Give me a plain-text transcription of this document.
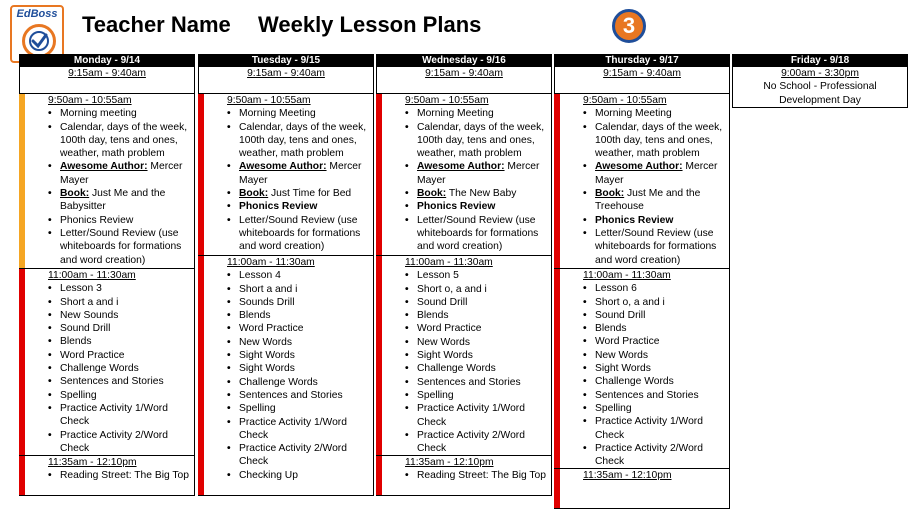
EdBoss Teacher Name Weekly Lesson Plans	3
Monday - 9/14
9:15am - 9:40am
9:50am - 10:55am
• Morning meeting
• Calendar, days of the week, 100th day, tens and ones, weather, math problem
• Awesome Author: Mercer Mayer
• Book: Just Me and the Babysitter
• Phonics Review
• Letter/Sound Review (use whiteboards for formations and word creation)
11:00am - 11:30am
• Lesson 3
• Short a and i
• New Sounds
• Sound Drill
• Blends
• Word Practice
• Challenge Words
• Sentences and Stories
• Spelling
• Practice Activity 1/Word Check
• Practice Activity 2/Word Check
11:35am - 12:10pm
• Reading Street: The Big Top
Tuesday - 9/15
9:15am - 9:40am
9:50am - 10:55am
• Morning Meeting
• Calendar, days of the week, 100th day, tens and ones, weather, math problem
• Awesome Author: Mercer Mayer
• Book: Just Time for Bed
• Phonics Review
• Letter/Sound Review (use whiteboards for formations and word creation)
11:00am - 11:30am
• Lesson 4
• Short a and i
• Sounds Drill
• Blends
• Word Practice
• New Words
• Sight Words
• Sight Words
• Challenge Words
• Sentences and Stories
• Spelling
• Practice Activity 1/Word Check
• Practice Activity 2/Word Check
• Checking Up
Wednesday - 9/16
9:15am - 9:40am
9:50am - 10:55am
• Morning Meeting
• Calendar, days of the week, 100th day, tens and ones, weather, math problem
• Awesome Author: Mercer Mayer
• Book: The New Baby
• Phonics Review
• Letter/Sound Review (use whiteboards for formations and word creation)
11:00am - 11:30am
• Lesson 5
• Short o, a and i
• Sound Drill
• Blends
• Word Practice
• New Words
• Sight Words
• Challenge Words
• Sentences and Stories
• Spelling
• Practice Activity 1/Word Check
• Practice Activity 2/Word Check
11:35am - 12:10pm
• Reading Street: The Big Top
Thursday - 9/17
9:15am - 9:40am
9:50am - 10:55am
• Morning Meeting
• Calendar, days of the week, 100th day, tens and ones, weather, math problem
• Awesome Author: Mercer Mayer
• Book: Just Me and the Treehouse
• Phonics Review
• Letter/Sound Review (use whiteboards for formations and word creation)
11:00am - 11:30am
• Lesson 6
• Short o, a and i
• Sound Drill
• Blends
• Word Practice
• New Words
• Sight Words
• Challenge Words
• Sentences and Stories
• Spelling
• Practice Activity 1/Word Check
• Practice Activity 2/Word Check
11:35am - 12:10pm
Friday - 9/18
9:00am - 3:30pm
No School - Professional Development Day
